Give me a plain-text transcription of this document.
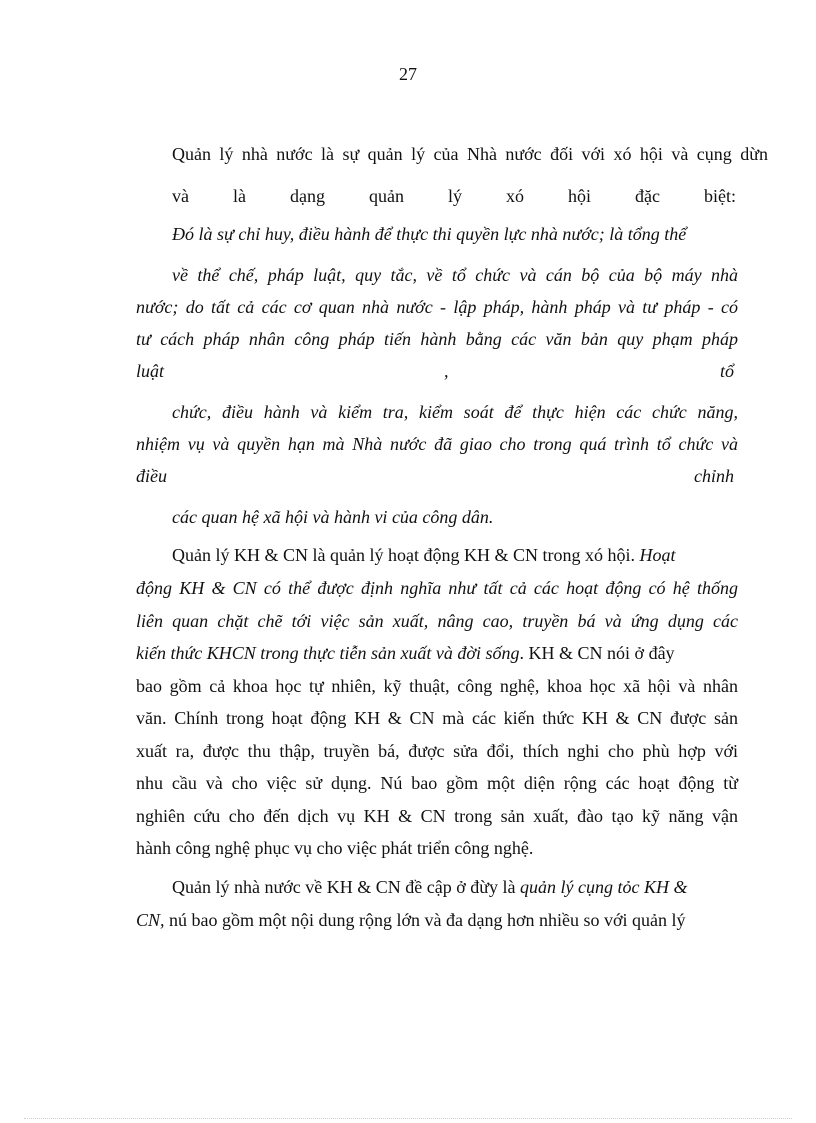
27
Quản lý nhà nước là sự quản lý của Nhà nước đối với xó hội và cụng dừn
và là dạng quản lý xó hội đặc biệt:
Đó là sự chỉ huy, điều hành để thực thi quyền lực nhà nước; là tổng thể
về thể chế, pháp luật, quy tắc, về tổ chức và cán bộ của bộ máy nhà
nước; do tất cả các cơ quan nhà nước - lập pháp, hành pháp và tư pháp - có
tư cách pháp nhân công pháp tiến hành bằng các văn bản quy phạm pháp
luật	,	tổ
chức, điều hành và kiểm tra, kiểm soát để thực hiện các chức năng,
nhiệm vụ và quyền hạn mà Nhà nước đã giao cho trong quá trình tổ chức và
điều	chỉnh
các quan hệ xã hội và hành vi của công dân.
Quản lý KH & CN là quản lý hoạt động KH & CN trong xó hội. Hoạt
động KH & CN có thể được định nghĩa như tất cả các hoạt động có hệ thống
liên quan chặt chẽ tới việc sản xuất, nâng cao, truyền bá và ứng dụng các
kiến thức KHCN trong thực tiễn sản xuất và đời sống. KH & CN nói ở đây
bao gồm cả khoa học tự nhiên, kỹ thuật, công nghệ, khoa học xã hội và nhân
văn. Chính trong hoạt động KH & CN mà các kiến thức KH & CN được sản
xuất ra, được thu thập, truyền bá, được sửa đổi, thích nghi cho phù hợp với
nhu cầu và cho việc sử dụng. Nú bao gồm một diện rộng các hoạt động từ
nghiên cứu cho đến dịch vụ KH & CN trong sản xuất, đào tạo kỹ năng vận
hành công nghệ phục vụ cho việc phát triển công nghệ.
Quản lý nhà nước về KH & CN đề cập ở đừy là quản lý cụng tỏc KH &
CN, nú bao gồm một nội dung rộng lớn và đa dạng hơn nhiều so với quản lý
